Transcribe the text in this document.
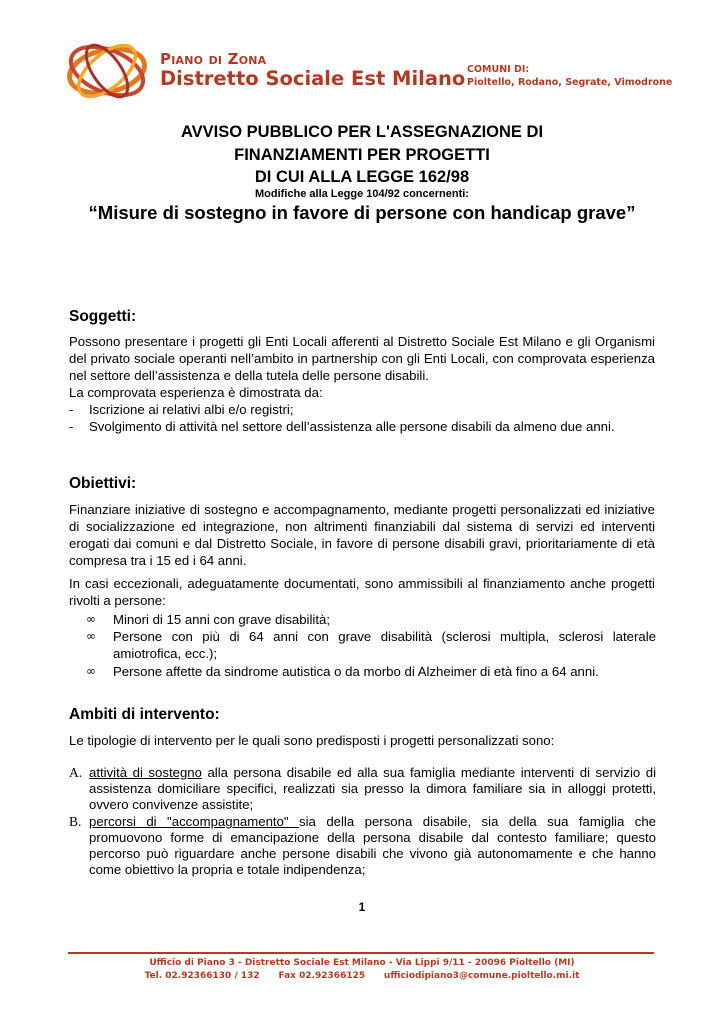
Piano di Zona
Distretto Sociale Est Milano COMUNI DI:
Pioltello, Rodano, Segrate, Vimodrone
AVVISO PUBBLICO PER L'ASSEGNAZIONE DI
FINANZIAMENTI PER PROGETTI
DI CUI ALLA LEGGE 162/98
Modifiche alla Legge 104/92 concernenti:
“Misure di sostegno in favore di persone con handicap grave”
Soggetti:
Possono presentare i progetti gli Enti Locali afferenti al Distretto Sociale Est Milano e gli Organismi del privato sociale operanti nell’ambito in partnership con gli Enti Locali, con comprovata esperienza nel settore dell’assistenza e della tutela delle persone disabili.
La comprovata esperienza è dimostrata da:
-	Iscrizione ai relativi albi e/o registri;
-	Svolgimento di attività nel settore dell’assistenza alle persone disabili da almeno due anni.
Obiettivi:
Finanziare iniziative di sostegno e accompagnamento, mediante progetti personalizzati ed iniziative di socializzazione ed integrazione, non altrimenti finanziabili dal sistema di servizi ed interventi erogati dai comuni e dal Distretto Sociale, in favore di persone disabili gravi, prioritariamente di età compresa tra i 15 ed i 64 anni.
In casi eccezionali, adeguatamente documentati, sono ammissibili al finanziamento anche progetti rivolti a persone:
∞ Minori di 15 anni con grave disabilità;
∞ Persone con più di 64 anni con grave disabilità (sclerosi multipla, sclerosi laterale amiotrofica, ecc.);
∞ Persone affette da sindrome autistica o da morbo di Alzheimer di età fino a 64 anni.
Ambiti di intervento:
Le tipologie di intervento per le quali sono predisposti i progetti personalizzati sono:
A. attività di sostegno alla persona disabile ed alla sua famiglia mediante interventi di servizio di assistenza domiciliare specifici, realizzati sia presso la dimora familiare sia in alloggi protetti, ovvero convivenze assistite;
B. percorsi di "accompagnamento" sia della persona disabile, sia della sua famiglia che promuovono forme di emancipazione della persona disabile dal contesto familiare; questo percorso può riguardare anche persone disabili che vivono già autonomamente e che hanno come obiettivo la propria e totale indipendenza;
1
Ufficio di Piano 3 - Distretto Sociale Est Milano - Via Lippi 9/11 - 20096 Pioltello (MI)
Tel. 02.92366130 / 132      Fax 02.92366125      ufficiodipiano3@comune.pioltello.mi.it
